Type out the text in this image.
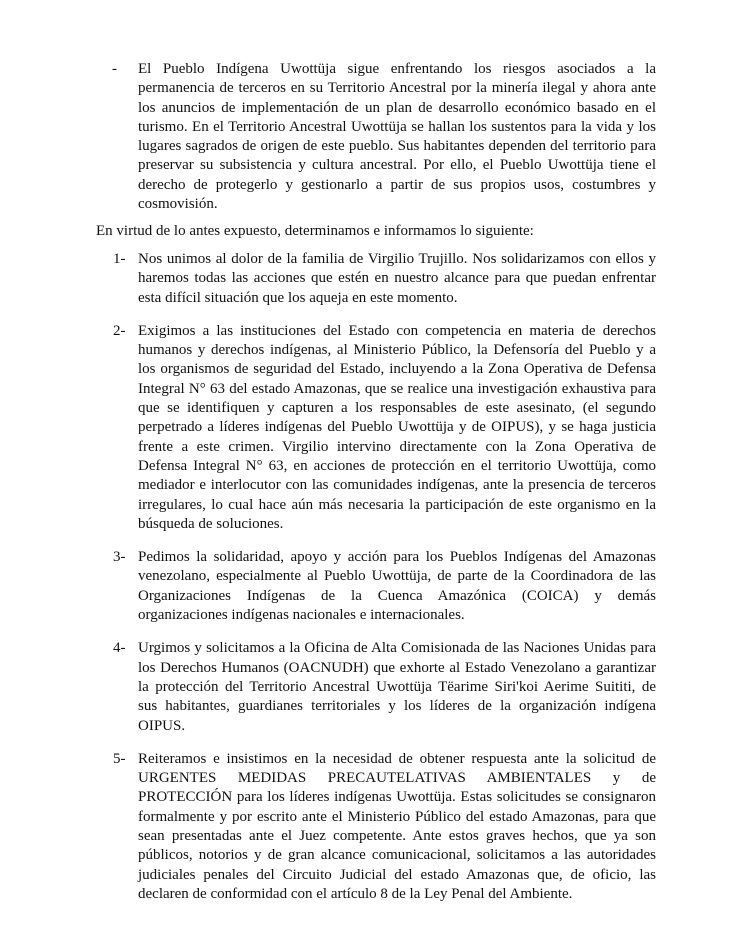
- El Pueblo Indígena Uwottüja sigue enfrentando los riesgos asociados a la
permanencia de terceros en su Territorio Ancestral por la minería ilegal y ahora ante
los anuncios de implementación de un plan de desarrollo económico basado en el
turismo. En el Territorio Ancestral Uwottüja se hallan los sustentos para la vida y los
lugares sagrados de origen de este pueblo. Sus habitantes dependen del territorio para
preservar su subsistencia y cultura ancestral. Por ello, el Pueblo Uwottüja tiene el
derecho de protegerlo y gestionarlo a partir de sus propios usos, costumbres y
cosmovisión.
En virtud de lo antes expuesto, determinamos e informamos lo siguiente:
1- Nos unimos al dolor de la familia de Virgilio Trujillo. Nos solidarizamos con ellos y
haremos todas las acciones que estén en nuestro alcance para que puedan enfrentar
esta difícil situación que los aqueja en este momento.
2- Exigimos a las instituciones del Estado con competencia en materia de derechos
humanos y derechos indígenas, al Ministerio Público, la Defensoría del Pueblo y a
los organismos de seguridad del Estado, incluyendo a la Zona Operativa de Defensa
Integral N° 63 del estado Amazonas, que se realice una investigación exhaustiva para
que se identifiquen y capturen a los responsables de este asesinato, (el segundo
perpetrado a líderes indígenas del Pueblo Uwottüja y de OIPUS), y se haga justicia
frente a este crimen. Virgilio intervino directamente con la Zona Operativa de
Defensa Integral N° 63, en acciones de protección en el territorio Uwottüja, como
mediador e interlocutor con las comunidades indígenas, ante la presencia de terceros
irregulares, lo cual hace aún más necesaria la participación de este organismo en la
búsqueda de soluciones.
3- Pedimos la solidaridad, apoyo y acción para los Pueblos Indígenas del Amazonas
venezolano, especialmente al Pueblo Uwottüja, de parte de la Coordinadora de las
Organizaciones Indígenas de la Cuenca Amazónica (COICA) y demás
organizaciones indígenas nacionales e internacionales.
4- Urgimos y solicitamos a la Oficina de Alta Comisionada de las Naciones Unidas para
los Derechos Humanos (OACNUDH) que exhorte al Estado Venezolano a garantizar
la protección del Territorio Ancestral Uwottüja Tëarime Siri'koi Aerime Suititi, de
sus habitantes, guardianes territoriales y los líderes de la organización indígena
OIPUS.
5- Reiteramos e insistimos en la necesidad de obtener respuesta ante la solicitud de
URGENTES MEDIDAS PRECAUTELATIVAS AMBIENTALES y de
PROTECCIÓN para los líderes indígenas Uwottüja. Estas solicitudes se consignaron
formalmente y por escrito ante el Ministerio Público del estado Amazonas, para que
sean presentadas ante el Juez competente. Ante estos graves hechos, que ya son
públicos, notorios y de gran alcance comunicacional, solicitamos a las autoridades
judiciales penales del Circuito Judicial del estado Amazonas que, de oficio, las
declaren de conformidad con el artículo 8 de la Ley Penal del Ambiente.
